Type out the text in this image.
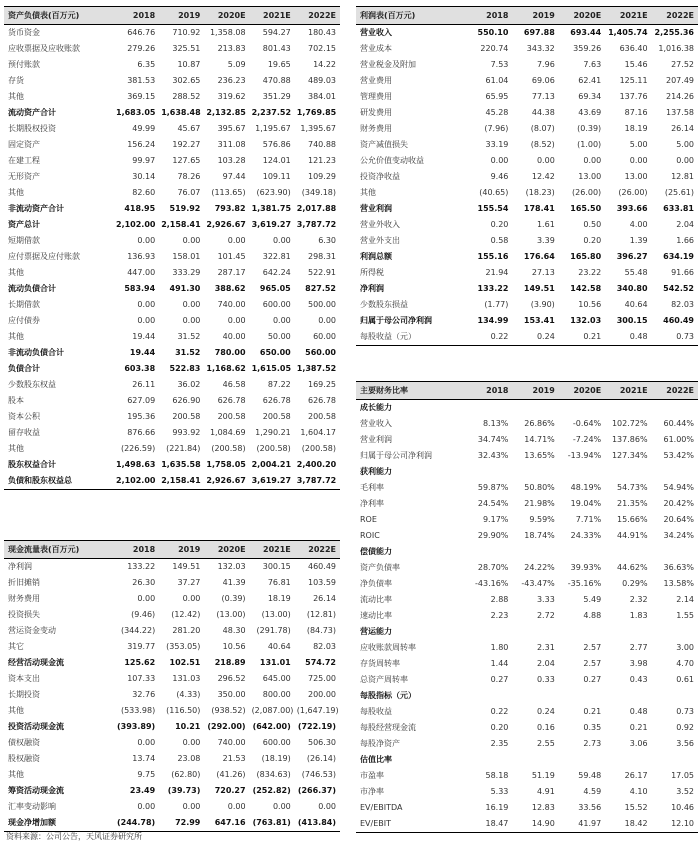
资产负债表(百万元)	2018	2019	2020E	2021E	2022E
货币资金	646.76	710.92	1,358.08	594.27	180.43
应收票据及应收账款	279.26	325.51	213.83	801.43	702.15
预付账款	6.35	10.87	5.09	19.65	14.22
存货	381.53	302.65	236.23	470.88	489.03
其他	369.15	288.52	319.62	351.29	384.01
流动资产合计	1,683.05	1,638.48	2,132.85	2,237.52	1,769.85
长期股权投资	49.99	45.67	395.67	1,195.67	1,395.67
固定资产	156.24	192.27	311.08	576.86	740.88
在建工程	99.97	127.65	103.28	124.01	121.23
无形资产	30.14	78.26	97.44	109.11	109.29
其他	82.60	76.07	(113.65)	(623.90)	(349.18)
非流动资产合计	418.95	519.92	793.82	1,381.75	2,017.88
资产总计	2,102.00	2,158.41	2,926.67	3,619.27	3,787.72
短期借款	0.00	0.00	0.00	0.00	6.30
应付票据及应付账款	136.93	158.01	101.45	322.81	298.31
其他	447.00	333.29	287.17	642.24	522.91
流动负债合计	583.94	491.30	388.62	965.05	827.52
长期借款	0.00	0.00	740.00	600.00	500.00
应付债券	0.00	0.00	0.00	0.00	0.00
其他	19.44	31.52	40.00	50.00	60.00
非流动负债合计	19.44	31.52	780.00	650.00	560.00
负债合计	603.38	522.83	1,168.62	1,615.05	1,387.52
少数股东权益	26.11	36.02	46.58	87.22	169.25
股本	627.09	626.90	626.78	626.78	626.78
资本公积	195.36	200.58	200.58	200.58	200.58
留存收益	876.66	993.92	1,084.69	1,290.21	1,604.17
其他	(226.59)	(221.84)	(200.58)	(200.58)	(200.58)
股东权益合计	1,498.63	1,635.58	1,758.05	2,004.21	2,400.20
负债和股东权益总	2,102.00	2,158.41	2,926.67	3,619.27	3,787.72
利润表(百万元)	2018	2019	2020E	2021E	2022E
营业收入	550.10	697.88	693.44	1,405.74	2,255.36
营业成本	220.74	343.32	359.26	636.40	1,016.38
营业税金及附加	7.53	7.96	7.63	15.46	27.52
营业费用	61.04	69.06	62.41	125.11	207.49
管理费用	65.95	77.13	69.34	137.76	214.26
研发费用	45.28	44.38	43.69	87.16	137.58
财务费用	(7.96)	(8.07)	(0.39)	18.19	26.14
资产减值损失	33.19	(8.52)	(1.00)	5.00	5.00
公允价值变动收益	0.00	0.00	0.00	0.00	0.00
投资净收益	9.46	12.42	13.00	13.00	12.81
其他	(40.65)	(18.23)	(26.00)	(26.00)	(25.61)
营业利润	155.54	178.41	165.50	393.66	633.81
营业外收入	0.20	1.61	0.50	4.00	2.04
营业外支出	0.58	3.39	0.20	1.39	1.66
利润总额	155.16	176.64	165.80	396.27	634.19
所得税	21.94	27.13	23.22	55.48	91.66
净利润	133.22	149.51	142.58	340.80	542.52
少数股东损益	(1.77)	(3.90)	10.56	40.64	82.03
归属于母公司净利润	134.99	153.41	132.03	300.15	460.49
每股收益（元）	0.22	0.24	0.21	0.48	0.73
现金流量表(百万元)	2018	2019	2020E	2021E	2022E
净利润	133.22	149.51	132.03	300.15	460.49
折旧摊销	26.30	37.27	41.39	76.81	103.59
财务费用	0.00	0.00	(0.39)	18.19	26.14
投资损失	(9.46)	(12.42)	(13.00)	(13.00)	(12.81)
营运资金变动	(344.22)	281.20	48.30	(291.78)	(84.73)
其它	319.77	(353.05)	10.56	40.64	82.03
经营活动现金流	125.62	102.51	218.89	131.01	574.72
资本支出	107.33	131.03	296.52	645.00	725.00
长期投资	32.76	(4.33)	350.00	800.00	200.00
其他	(533.98)	(116.50)	(938.52)	(2,087.00)	(1,647.19)
投资活动现金流	(393.89)	10.21	(292.00)	(642.00)	(722.19)
债权融资	0.00	0.00	740.00	600.00	506.30
股权融资	13.74	23.08	21.53	(18.19)	(26.14)
其他	9.75	(62.80)	(41.26)	(834.63)	(746.53)
筹资活动现金流	23.49	(39.73)	720.27	(252.82)	(266.37)
汇率变动影响	0.00	0.00	0.00	0.00	0.00
现金净增加额	(244.78)	72.99	647.16	(763.81)	(413.84)
主要财务比率	2018	2019	2020E	2021E	2022E
成长能力					
营业收入	8.13%	26.86%	-0.64%	102.72%	60.44%
营业利润	34.74%	14.71%	-7.24%	137.86%	61.00%
归属于母公司净利润	32.43%	13.65%	-13.94%	127.34%	53.42%
获利能力					
毛利率	59.87%	50.80%	48.19%	54.73%	54.94%
净利率	24.54%	21.98%	19.04%	21.35%	20.42%
ROE	9.17%	9.59%	7.71%	15.66%	20.64%
ROIC	29.90%	18.74%	24.33%	44.91%	34.24%
偿债能力					
资产负债率	28.70%	24.22%	39.93%	44.62%	36.63%
净负债率	-43.16%	-43.47%	-35.16%	0.29%	13.58%
流动比率	2.88	3.33	5.49	2.32	2.14
速动比率	2.23	2.72	4.88	1.83	1.55
营运能力					
应收账款周转率	1.80	2.31	2.57	2.77	3.00
存货周转率	1.44	2.04	2.57	3.98	4.70
总资产周转率	0.27	0.33	0.27	0.43	0.61
每股指标（元）					
每股收益	0.22	0.24	0.21	0.48	0.73
每股经营现金流	0.20	0.16	0.35	0.21	0.92
每股净资产	2.35	2.55	2.73	3.06	3.56
估值比率					
市盈率	58.18	51.19	59.48	26.17	17.05
市净率	5.33	4.91	4.59	4.10	3.52
EV/EBITDA	16.19	12.83	33.56	15.52	10.46
EV/EBIT	18.47	14.90	41.97	18.42	12.10
资料来源：公司公告，天风证券研究所
